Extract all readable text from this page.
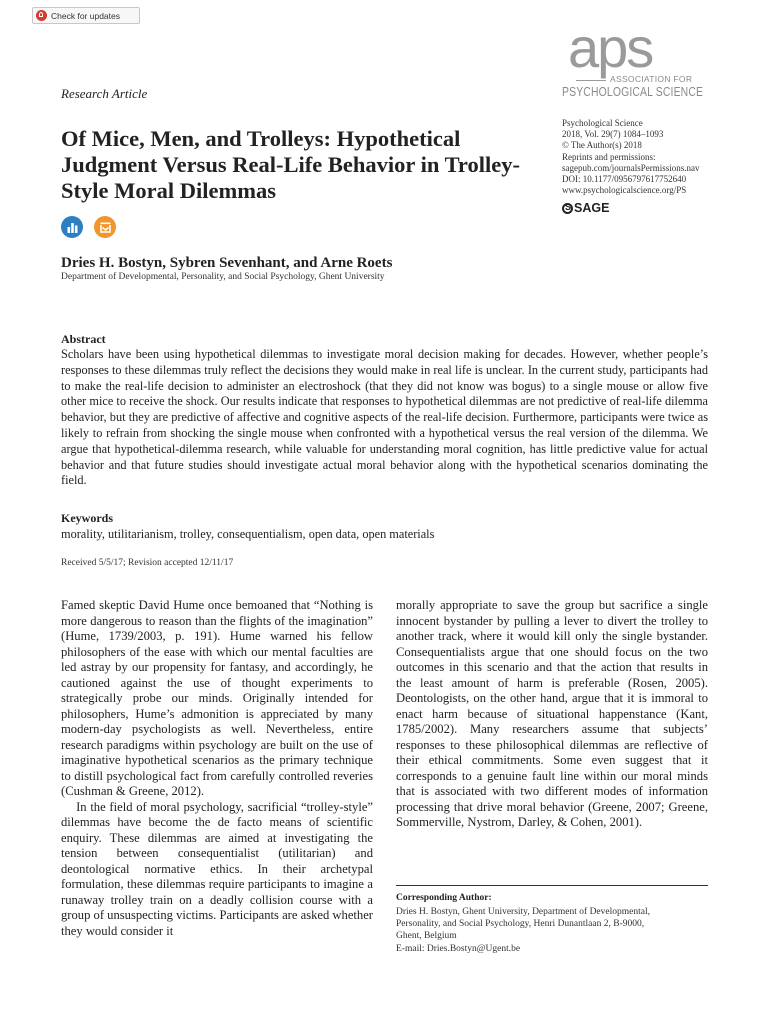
Check for updates
aps
ASSOCIATION FOR
PSYCHOLOGICAL SCIENCE
Research Article
Of Mice, Men, and Trolleys: Hypothetical Judgment Versus Real-Life Behavior in Trolley-Style Moral Dilemmas
Psychological Science
2018, Vol. 29(7) 1084–1093
© The Author(s) 2018
Reprints and permissions:
sagepub.com/journalsPermissions.nav
DOI: 10.1177/0956797617752640
www.psychologicalscience.org/PS
S
SAGE
Dries H. Bostyn, Sybren Sevenhant, and Arne Roets
Department of Developmental, Personality, and Social Psychology, Ghent University
Abstract
Scholars have been using hypothetical dilemmas to investigate moral decision making for decades. However, whether people’s responses to these dilemmas truly reflect the decisions they would make in real life is unclear. In the current study, participants had to make the real-life decision to administer an electroshock (that they did not know was bogus) to a single mouse or allow five other mice to receive the shock. Our results indicate that responses to hypothetical dilemmas are not predictive of real-life dilemma behavior, but they are predictive of affective and cognitive aspects of the real-life decision. Furthermore, participants were twice as likely to refrain from shocking the single mouse when confronted with a hypothetical versus the real version of the dilemma. We argue that hypothetical-dilemma research, while valuable for understanding moral cognition, has little predictive value for actual behavior and that future studies should investigate actual moral behavior along with the hypothetical scenarios dominating the field.
Keywords
morality, utilitarianism, trolley, consequentialism, open data, open materials
Received 5/5/17; Revision accepted 12/11/17

Famed skeptic David Hume once bemoaned that “Nothing is more dangerous to reason than the flights of the imagination” (Hume, 1739/2003, p. 191). Hume warned his fellow philosophers of the ease with which our mental faculties are led astray by our propensity for fantasy, and accordingly, he cautioned against the use of thought experiments to strategically probe our minds. Originally intended for philosophers, Hume’s admonition is appreciated by many modern-day psychologists as well. Nevertheless, entire research paradigms within psychology are built on the use of imaginative hypothetical scenarios as the primary technique to distill psychological fact from carefully controlled reveries (Cushman & Greene, 2012).

In the field of moral psychology, sacrificial “trolley-style” dilemmas have become the de facto means of scientific enquiry. These dilemmas are aimed at investigating the tension between consequentialist (utilitarian) and deontological normative ethics. In their archetypal formulation, these dilemmas require participants to imagine a runaway trolley train on a deadly collision course with a group of unsuspecting victims. Participants are asked whether they would consider it

morally appropriate to save the group but sacrifice a single innocent bystander by pulling a lever to divert the trolley to another track, where it would kill only the single bystander. Consequentialists argue that one should focus on the two outcomes in this scenario and that the action that results in the least amount of harm is preferable (Rosen, 2005). Deontologists, on the other hand, argue that it is immoral to enact harm because of situational happenstance (Kant, 1785/2002). Many researchers assume that subjects’ responses to these philosophical dilemmas are reflective of their ethical commitments. Some even suggest that it corresponds to a genuine fault line within our moral minds that is associated with two different modes of information processing that drive moral behavior (Greene, 2007; Greene, Sommerville, Nystrom, Darley, & Cohen, 2001).

Corresponding Author:
Dries H. Bostyn, Ghent University, Department of Developmental,
Personality, and Social Psychology, Henri Dunantlaan 2, B-9000,
Ghent, Belgium
E-mail: Dries.Bostyn@Ugent.be
